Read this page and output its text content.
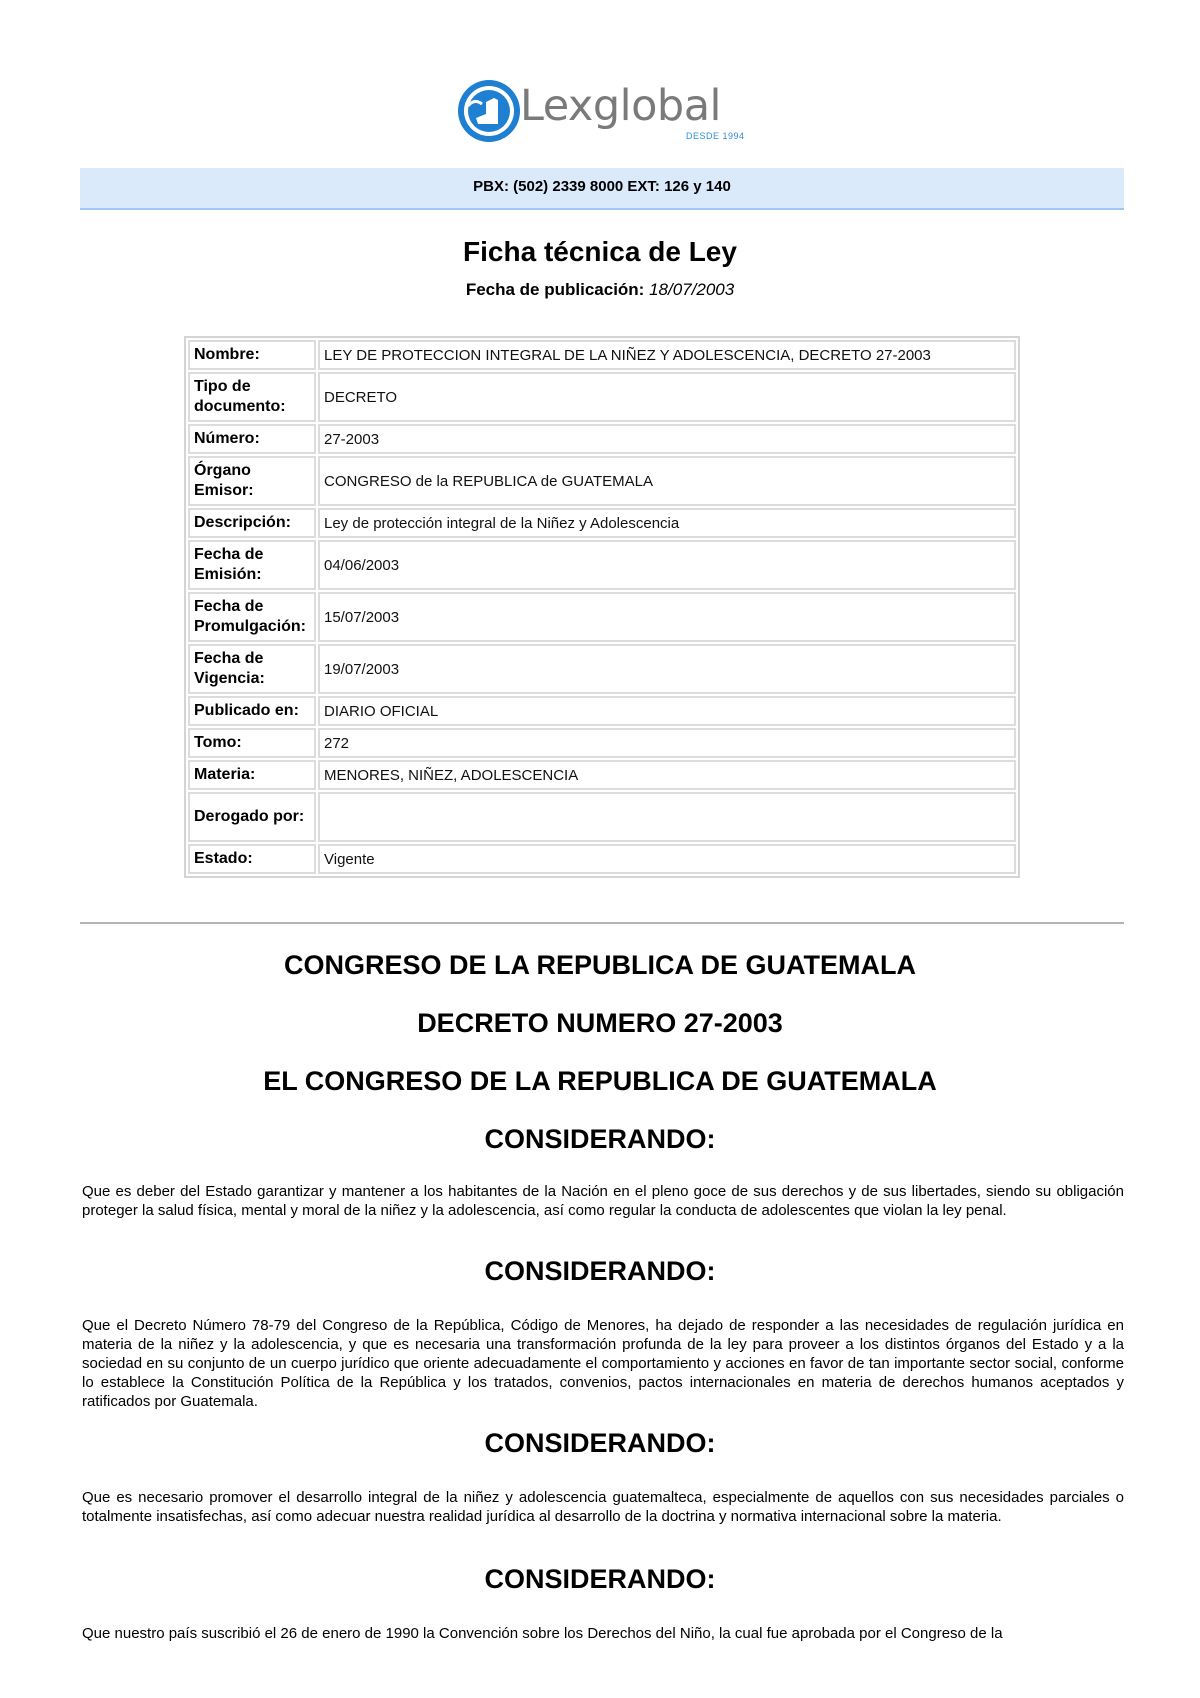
Lexglobal
DESDE 1994
PBX: (502) 2339 8000 EXT: 126 y 140
Ficha técnica de Ley
Fecha de publicación: 18/07/2003
Nombre:	LEY DE PROTECCION INTEGRAL DE LA NIÑEZ Y ADOLESCENCIA, DECRETO 27-2003
Tipo de documento:	DECRETO
Número:	27-2003
Órgano Emisor:	CONGRESO de la REPUBLICA de GUATEMALA
Descripción:	Ley de protección integral de la Niñez y Adolescencia
Fecha de Emisión:	04/06/2003
Fecha de Promulgación:	15/07/2003
Fecha de Vigencia:	19/07/2003
Publicado en:	DIARIO OFICIAL
Tomo:	272
Materia:	MENORES, NIÑEZ, ADOLESCENCIA
Derogado por:	
Estado:	Vigente
CONGRESO DE LA REPUBLICA DE GUATEMALA
DECRETO NUMERO 27-2003
EL CONGRESO DE LA REPUBLICA DE GUATEMALA
CONSIDERANDO:
Que es deber del Estado garantizar y mantener a los habitantes de la Nación en el pleno goce de sus derechos y de sus libertades, siendo su obligación proteger la salud física, mental y moral de la niñez y la adolescencia, así como regular la conducta de adolescentes que violan la ley penal.
CONSIDERANDO:
Que el Decreto Número 78-79 del Congreso de la República, Código de Menores, ha dejado de responder a las necesidades de regulación jurídica en materia de la niñez y la adolescencia, y que es necesaria una transformación profunda de la ley para proveer a los distintos órganos del Estado y a la sociedad en su conjunto de un cuerpo jurídico que oriente adecuadamente el comportamiento y acciones en favor de tan importante sector social, conforme lo establece la Constitución Política de la República y los tratados, convenios, pactos internacionales en materia de derechos humanos aceptados y ratificados por Guatemala.
CONSIDERANDO:
Que es necesario promover el desarrollo integral de la niñez y adolescencia guatemalteca, especialmente de aquellos con sus necesidades parciales o totalmente insatisfechas, así como adecuar nuestra realidad jurídica al desarrollo de la doctrina y normativa internacional sobre la materia.
CONSIDERANDO:
Que nuestro país suscribió el 26 de enero de 1990 la Convención sobre los Derechos del Niño, la cual fue aprobada por el Congreso de la
